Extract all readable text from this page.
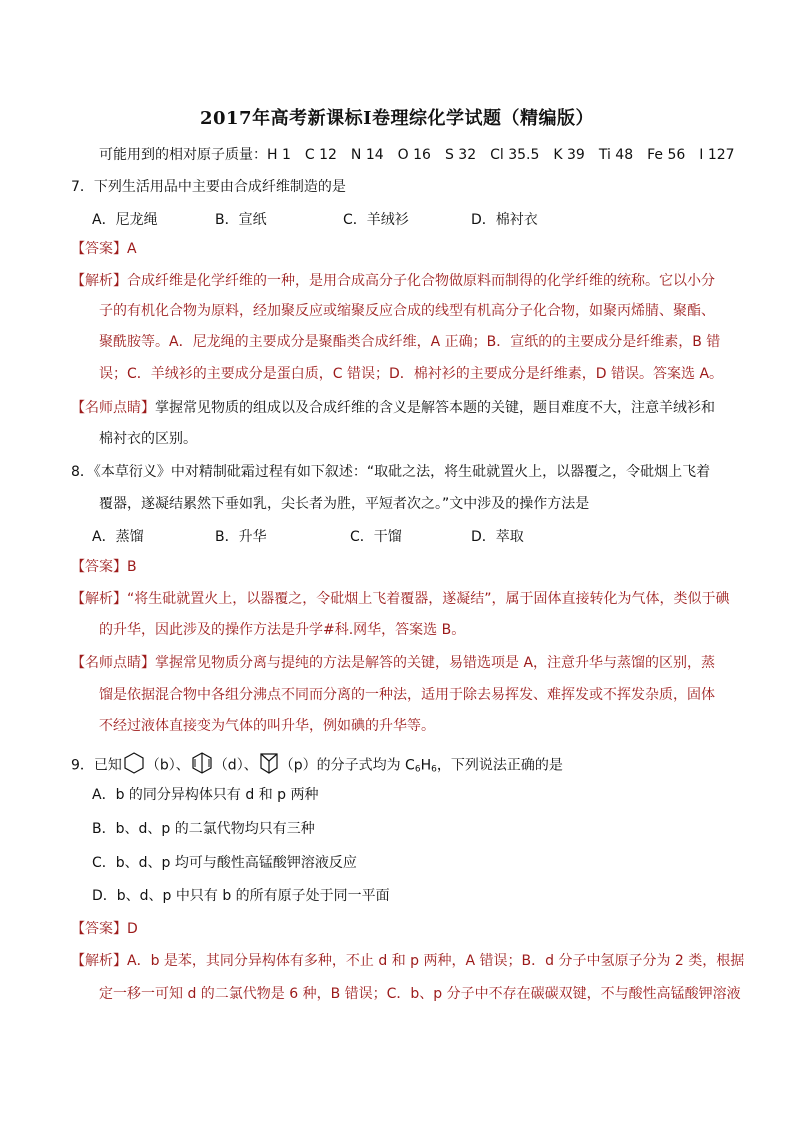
2017年高考新课标Ⅰ卷理综化学试题（精编版）
可能用到的相对原子质量：H 1　C 12　N 14　O 16　S 32　Cl 35.5　K 39　Ti 48　Fe 56　I 127
7．下列生活用品中主要由合成纤维制造的是
A．尼龙绳	B．宣纸	C．羊绒衫	D．棉衬衣
【答案】A
【解析】合成纤维是化学纤维的一种，是用合成高分子化合物做原料而制得的化学纤维的统称。它以小分
子的有机化合物为原料，经加聚反应或缩聚反应合成的线型有机高分子化合物，如聚丙烯腈、聚酯、
聚酰胺等。A．尼龙绳的主要成分是聚酯类合成纤维，A 正确；B．宣纸的的主要成分是纤维素，B 错
误；C．羊绒衫的主要成分是蛋白质，C 错误；D．棉衬衫的主要成分是纤维素，D 错误。答案选 A。
【名师点睛】掌握常见物质的组成以及合成纤维的含义是解答本题的关键，题目难度不大，注意羊绒衫和
棉衬衣的区别。
8．《本草衍义》中对精制砒霜过程有如下叙述：“取砒之法，将生砒就置火上，以器覆之，令砒烟上飞着
覆器，遂凝结累然下垂如乳，尖长者为胜，平短者次之。”文中涉及的操作方法是
A．蒸馏	B．升华	C．干馏	D．萃取
【答案】B
【解析】“将生砒就置火上，以器覆之，令砒烟上飞着覆器，遂凝结”，属于固体直接转化为气体，类似于碘
的升华，因此涉及的操作方法是升学#科.网华，答案选 B。
【名师点睛】掌握常见物质分离与提纯的方法是解答的关键，易错选项是 A，注意升华与蒸馏的区别，蒸
馏是依据混合物中各组分沸点不同而分离的一种法，适用于除去易挥发、难挥发或不挥发杂质，固体
不经过液体直接变为气体的叫升华，例如碘的升华等。
9．已知 （b）、 （d）、 （p）的分子式均为 $C_6H_6$，下列说法正确的是
A．b 的同分异构体只有 d 和 p 两种
B．b、d、p 的二氯代物均只有三种
C．b、d、p 均可与酸性高锰酸钾溶液反应
D．b、d、p 中只有 b 的所有原子处于同一平面
【答案】D
【解析】A．b 是苯，其同分异构体有多种，不止 d 和 p 两种，A 错误；B．d 分子中氢原子分为 2 类，根据
定一移一可知 d 的二氯代物是 6 种，B 错误；C．b、p 分子中不存在碳碳双键，不与酸性高锰酸钾溶液
